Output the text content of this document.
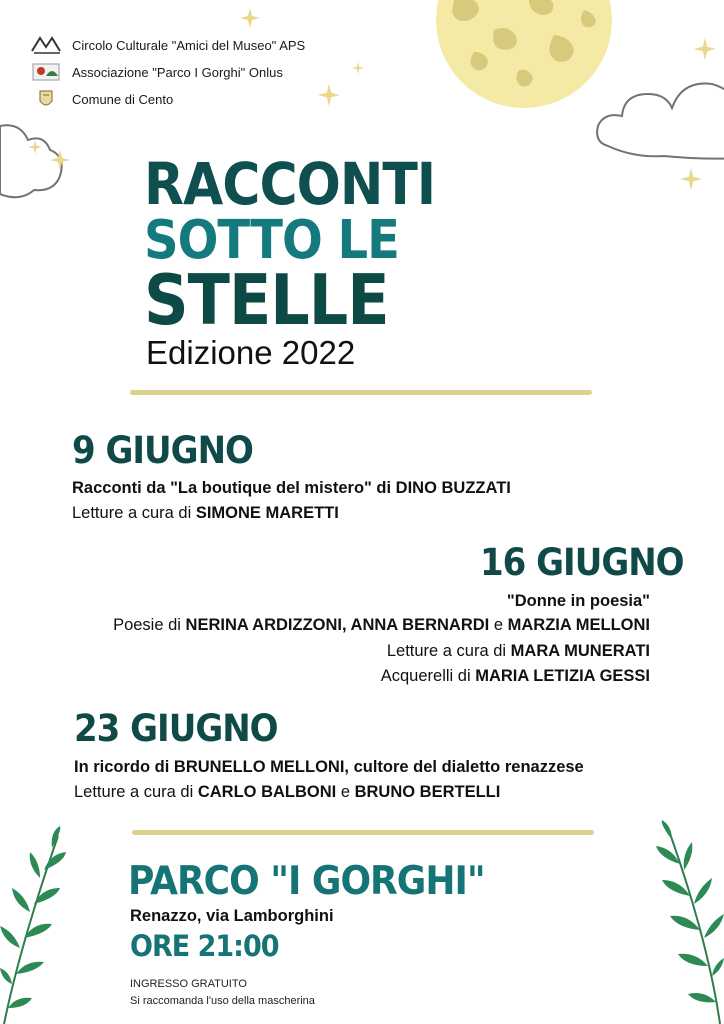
Circolo Culturale "Amici del Museo" APS
Associazione "Parco I Gorghi" Onlus
Comune di Cento
RACCONTI
SOTTO LE
STELLE
Edizione 2022
9 GIUGNO
Racconti da "La boutique del mistero" di DINO BUZZATI
Letture a cura di SIMONE MARETTI
16 GIUGNO
"Donne in poesia"
Poesie di NERINA ARDIZZONI, ANNA BERNARDI e MARZIA MELLONI
Letture a cura di MARA MUNERATI
Acquerelli di MARIA LETIZIA GESSI
23 GIUGNO
In ricordo di BRUNELLO MELLONI, cultore del dialetto renazzese
Letture a cura di CARLO BALBONI e BRUNO BERTELLI
PARCO "I GORGHI"
Renazzo, via Lamborghini
ORE 21:00
INGRESSO GRATUITO
Si raccomanda l'uso della mascherina
